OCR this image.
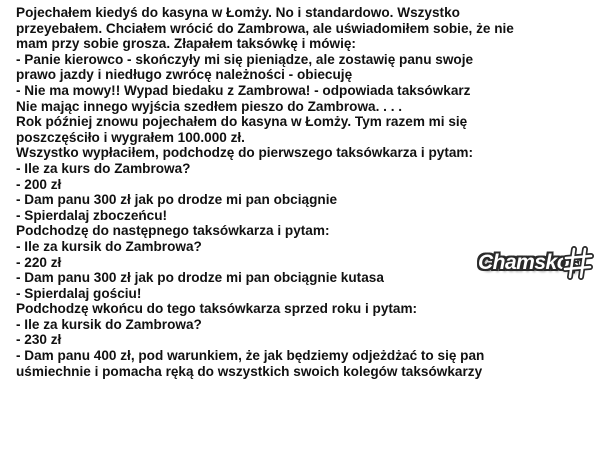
Pojechałem kiedyś do kasyna w Łomży. No i standardowo. Wszystko
przeyebałem. Chciałem wrócić do Zambrowa, ale uświadomiłem sobie, że nie
mam przy sobie grosza. Złapałem taksówkę i mówię:
- Panie kierowco - skończyły mi się pieniądze, ale zostawię panu swoje
prawo jazdy i niedługo zwrócę należności - obiecuję
- Nie ma mowy!! Wypad biedaku z Zambrowa! - odpowiada taksówkarz
Nie mając innego wyjścia szedłem pieszo do Zambrowa. . . .
Rok później znowu pojechałem do kasyna w Łomży. Tym razem mi się
poszczęściło i wygrałem 100.000 zł.
Wszystko wypłaciłem, podchodzę do pierwszego taksówkarza i pytam:
- Ile za kurs do Zambrowa?
- 200 zł
- Dam panu 300 zł jak po drodze mi pan obciągnie
- Spierdalaj zboczeńcu!
Podchodzę do następnego taksówkarza i pytam:
- Ile za kursik do Zambrowa?
- 220 zł
- Dam panu 300 zł jak po drodze mi pan obciągnie kutasa
- Spierdalaj gościu!
Podchodzę wkońcu do tego taksówkarza sprzed roku i pytam:
- Ile za kursik do Zambrowa?
- 230 zł
- Dam panu 400 zł, pod warunkiem, że jak będziemy odjeżdżać to się pan
uśmiechnie i pomacha ręką do wszystkich swoich kolegów taksówkarzy
Chamsko.pl
